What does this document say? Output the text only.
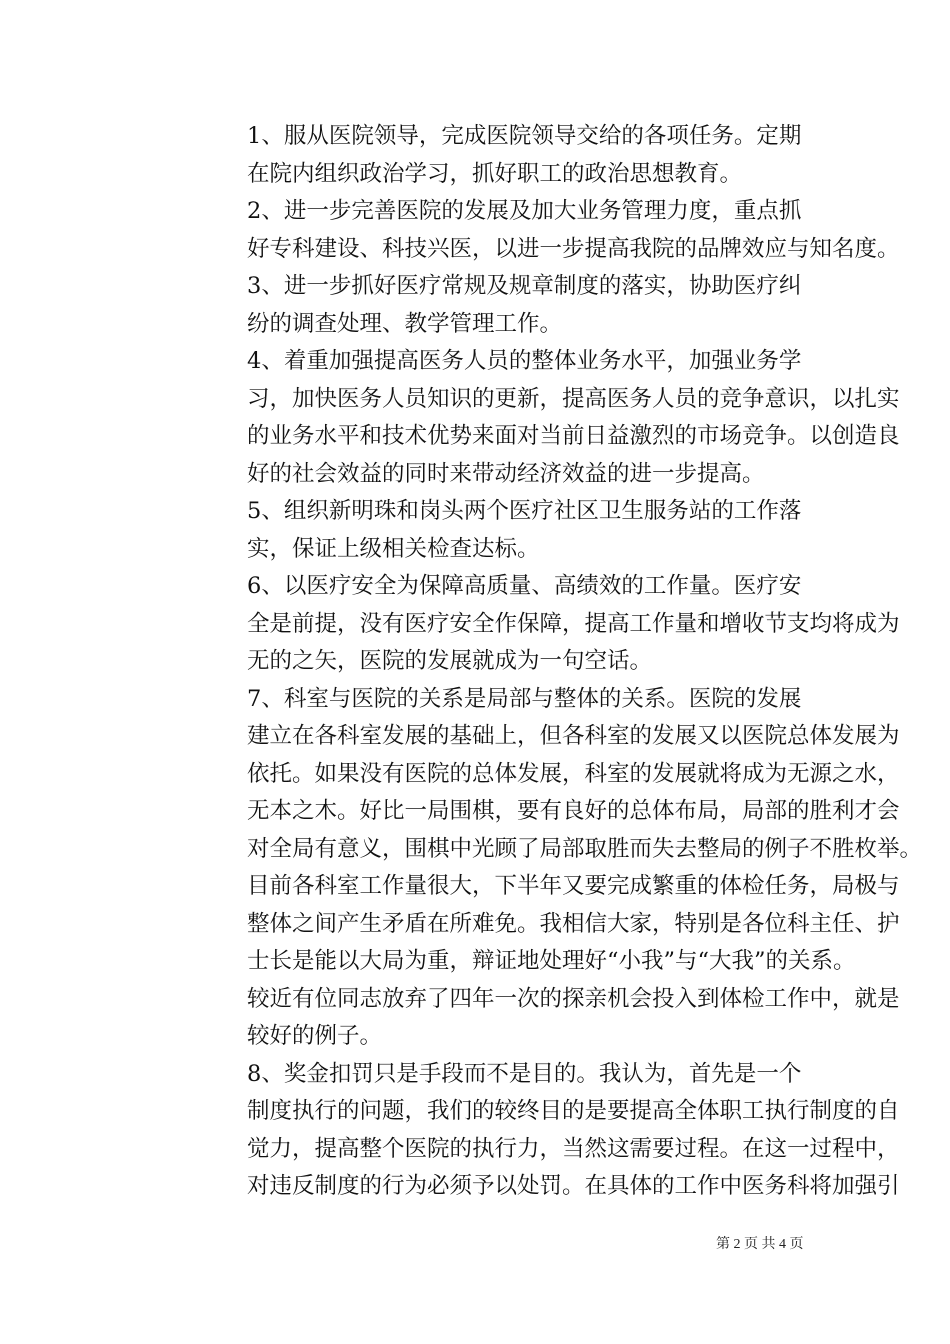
1、服从医院领导，完成医院领导交给的各项任务。定期
在院内组织政治学习，抓好职工的政治思想教育。
2、进一步完善医院的发展及加大业务管理力度，重点抓
好专科建设、科技兴医，以进一步提高我院的品牌效应与知名度。
3、进一步抓好医疗常规及规章制度的落实，协助医疗纠
纷的调查处理、教学管理工作。
4、着重加强提高医务人员的整体业务水平，加强业务学
习，加快医务人员知识的更新，提高医务人员的竞争意识，以扎实
的业务水平和技术优势来面对当前日益激烈的市场竞争。以创造良
好的社会效益的同时来带动经济效益的进一步提高。
5、组织新明珠和岗头两个医疗社区卫生服务站的工作落
实，保证上级相关检查达标。
6、以医疗安全为保障高质量、高绩效的工作量。医疗安
全是前提，没有医疗安全作保障，提高工作量和增收节支均将成为
无的之矢，医院的发展就成为一句空话。
7、科室与医院的关系是局部与整体的关系。医院的发展
建立在各科室发展的基础上，但各科室的发展又以医院总体发展为
依托。如果没有医院的总体发展，科室的发展就将成为无源之水，
无本之木。好比一局围棋，要有良好的总体布局，局部的胜利才会
对全局有意义，围棋中光顾了局部取胜而失去整局的例子不胜枚举。
目前各科室工作量很大，下半年又要完成繁重的体检任务，局极与
整体之间产生矛盾在所难免。我相信大家，特别是各位科主任、护
士长是能以大局为重，辩证地处理好“小我”与“大我”的关系。
较近有位同志放弃了四年一次的探亲机会投入到体检工作中，就是
较好的例子。
8、奖金扣罚只是手段而不是目的。我认为，首先是一个
制度执行的问题，我们的较终目的是要提高全体职工执行制度的自
觉力，提高整个医院的执行力，当然这需要过程。在这一过程中，
对违反制度的行为必须予以处罚。在具体的工作中医务科将加强引
第 2 页 共 4 页
